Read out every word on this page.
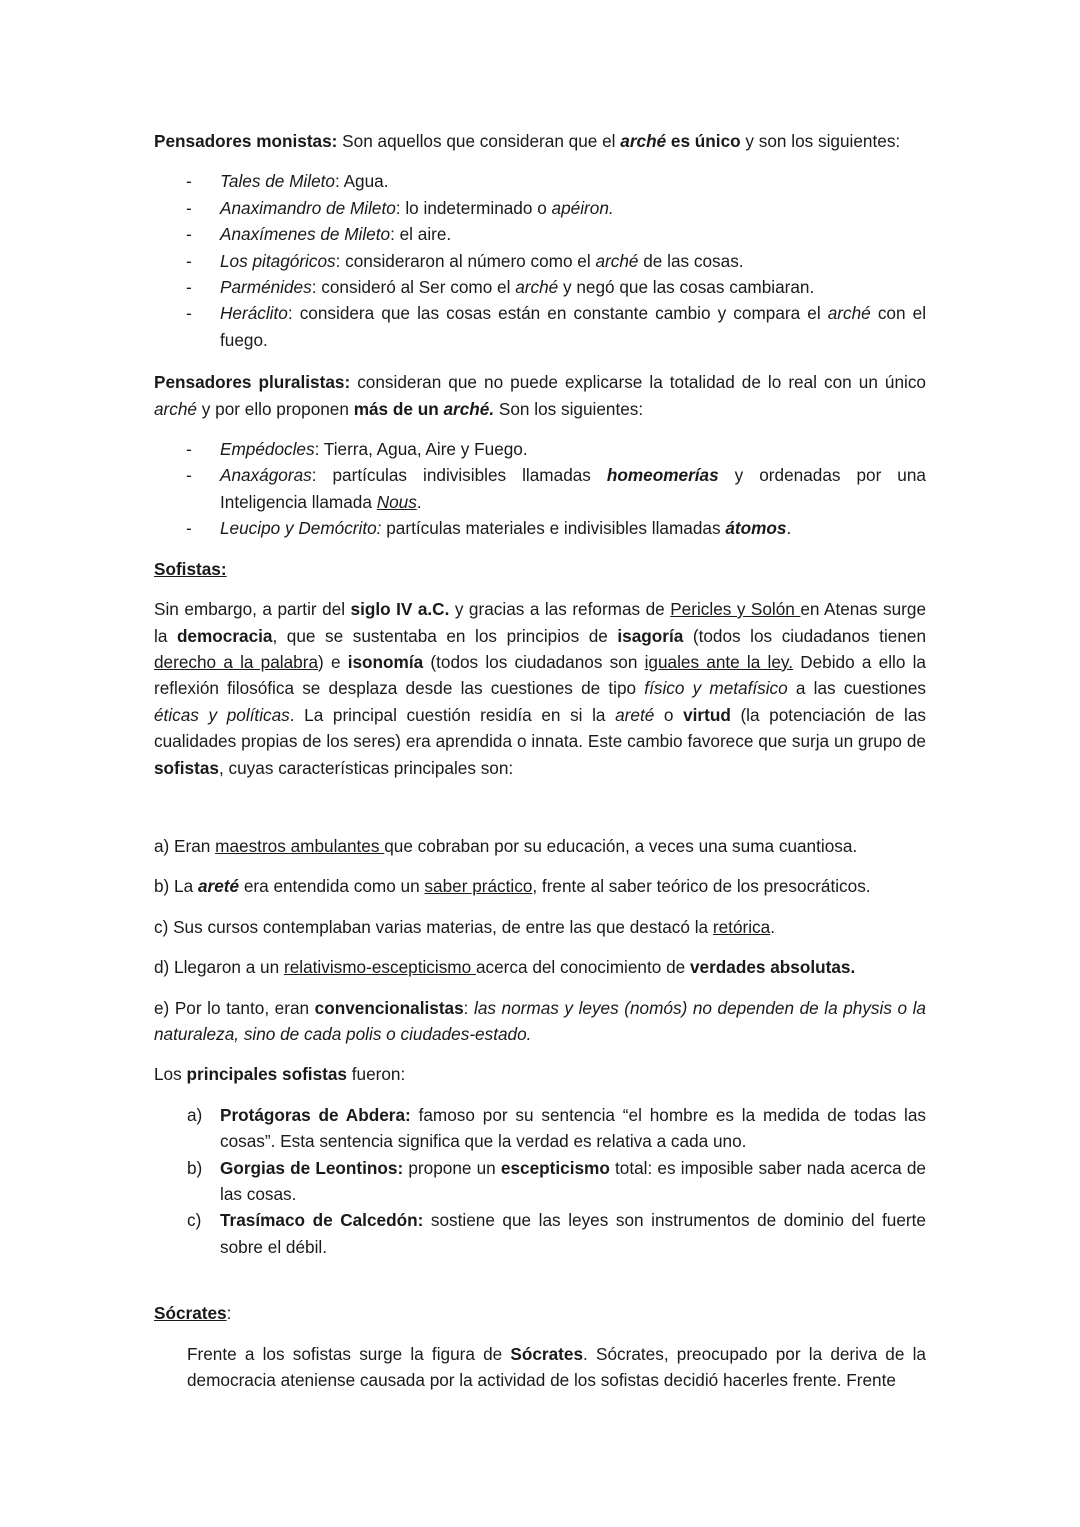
Pensadores monistas: Son aquellos que consideran que el arché es único y son los siguientes:

- Tales de Mileto: Agua.
- Anaximandro de Mileto: lo indeterminado o apéiron.
- Anaxímenes de Mileto: el aire.
- Los pitagóricos: consideraron al número como el arché de las cosas.
- Parménides: consideró al Ser como el arché y negó que las cosas cambiaran.
- Heráclito: considera que las cosas están en constante cambio y compara el arché con el fuego.

Pensadores pluralistas: consideran que no puede explicarse la totalidad de lo real con un único arché y por ello proponen más de un arché. Son los siguientes:

- Empédocles: Tierra, Agua, Aire y Fuego.
- Anaxágoras: partículas indivisibles llamadas homeomerías y ordenadas por una Inteligencia llamada Nous.
- Leucipo y Demócrito: partículas materiales e indivisibles llamadas átomos.

Sofistas:

Sin embargo, a partir del siglo IV a.C. y gracias a las reformas de Pericles y Solón en Atenas surge la democracia, que se sustentaba en los principios de isagoría (todos los ciudadanos tienen derecho a la palabra) e isonomía (todos los ciudadanos son iguales ante la ley. Debido a ello la reflexión filosófica se desplaza desde las cuestiones de tipo físico y metafísico a las cuestiones éticas y políticas. La principal cuestión residía en si la areté o virtud (la potenciación de las cualidades propias de los seres) era aprendida o innata. Este cambio favorece que surja un grupo de sofistas, cuyas características principales son:

a) Eran maestros ambulantes que cobraban por su educación, a veces una suma cuantiosa.

b) La areté era entendida como un saber práctico, frente al saber teórico de los presocráticos.

c) Sus cursos contemplaban varias materias, de entre las que destacó la retórica.

d) Llegaron a un relativismo-escepticismo acerca del conocimiento de verdades absolutas.

e) Por lo tanto, eran convencionalistas: las normas y leyes (nomós) no dependen de la physis o la naturaleza, sino de cada polis o ciudades-estado.

Los principales sofistas fueron:

a) Protágoras de Abdera: famoso por su sentencia “el hombre es la medida de todas las cosas”. Esta sentencia significa que la verdad es relativa a cada uno.
b) Gorgias de Leontinos: propone un escepticismo total: es imposible saber nada acerca de las cosas.
c) Trasímaco de Calcedón: sostiene que las leyes son instrumentos de dominio del fuerte sobre el débil.

Sócrates:

Frente a los sofistas surge la figura de Sócrates. Sócrates, preocupado por la deriva de la democracia ateniense causada por la actividad de los sofistas decidió hacerles frente. Frente
